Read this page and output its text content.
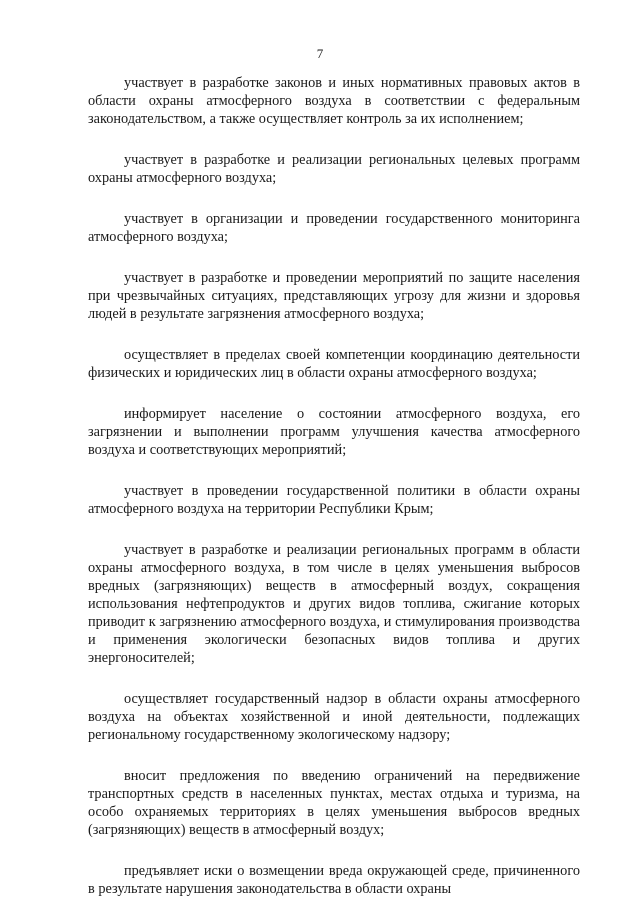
7

участвует в разработке законов и иных нормативных правовых актов в области охраны атмосферного воздуха в соответствии с федеральным законодательством, а также осуществляет контроль за их исполнением;

участвует в разработке и реализации региональных целевых программ охраны атмосферного воздуха;

участвует в организации и проведении государственного мониторинга атмосферного воздуха;

участвует в разработке и проведении мероприятий по защите населения при чрезвычайных ситуациях, представляющих угрозу для жизни и здоровья людей в результате загрязнения атмосферного воздуха;

осуществляет в пределах своей компетенции координацию деятельности физических и юридических лиц в области охраны атмосферного воздуха;

информирует население о состоянии атмосферного воздуха, его загрязнении и выполнении программ улучшения качества атмосферного воздуха и соответствующих мероприятий;

участвует в проведении государственной политики в области охраны атмосферного воздуха на территории Республики Крым;

участвует в разработке и реализации региональных программ в области охраны атмосферного воздуха, в том числе в целях уменьшения выбросов вредных (загрязняющих) веществ в атмосферный воздух, сокращения использования нефтепродуктов и других видов топлива, сжигание которых приводит к загрязнению атмосферного воздуха, и стимулирования производства и применения экологически безопасных видов топлива и других энергоносителей;

осуществляет государственный надзор в области охраны атмосферного воздуха на объектах хозяйственной и иной деятельности, подлежащих региональному государственному экологическому надзору;

вносит предложения по введению ограничений на передвижение транспортных средств в населенных пунктах, местах отдыха и туризма, на особо охраняемых территориях в целях уменьшения выбросов вредных (загрязняющих) веществ в атмосферный воздух;

предъявляет иски о возмещении вреда окружающей среде, причиненного в результате нарушения законодательства в области охраны
